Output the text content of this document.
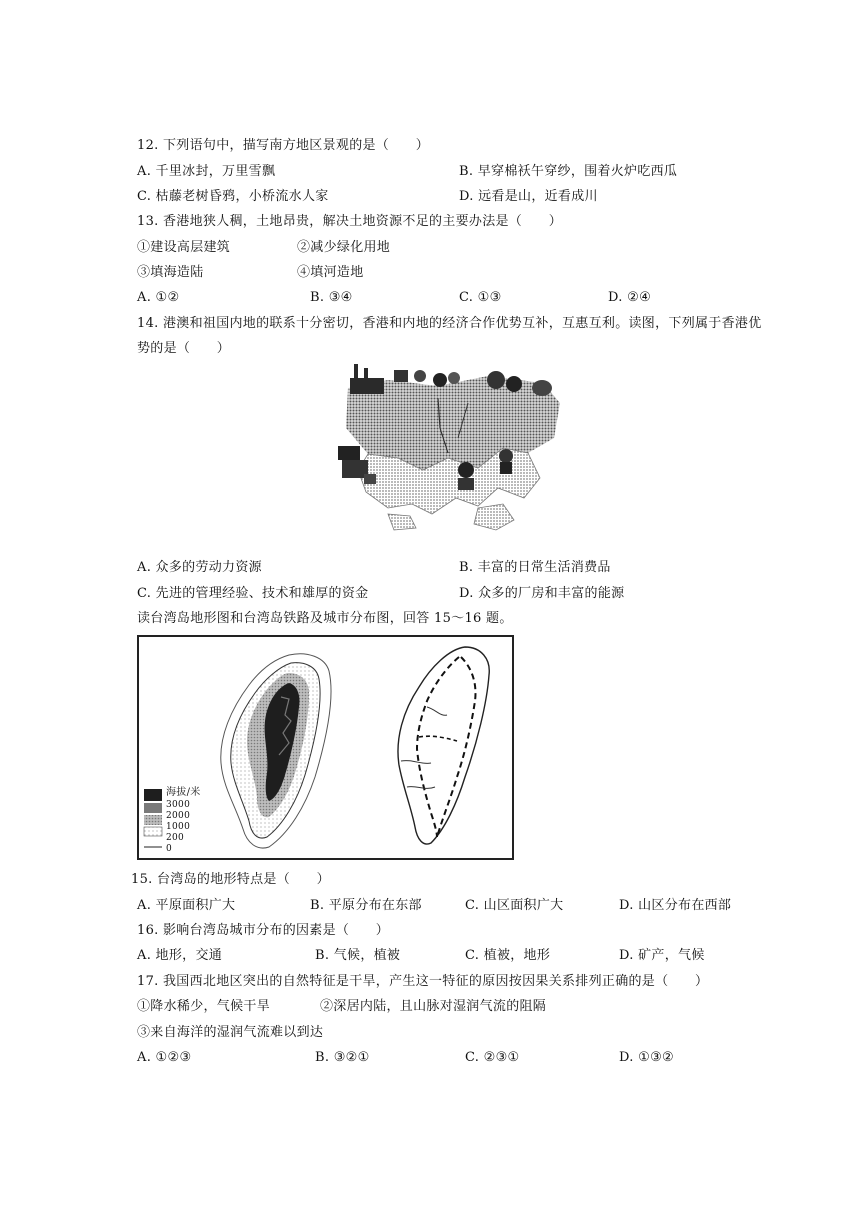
12. 下列语句中，描写南方地区景观的是（　　）
A. 千里冰封，万里雪飘	B. 早穿棉袄午穿纱，围着火炉吃西瓜
C. 枯藤老树昏鸦，小桥流水人家	D. 远看是山，近看成川
13. 香港地狭人稠，土地昂贵，解决土地资源不足的主要办法是（　　）
①建设高层建筑	②减少绿化用地
③填海造陆	④填河造地
A. ①②	B. ③④	C. ①③	D. ②④
14. 港澳和祖国内地的联系十分密切，香港和内地的经济合作优势互补，互惠互利。读图，下列属于香港优
势的是（　　）
A. 众多的劳动力资源	B. 丰富的日常生活消费品
C. 先进的管理经验、技术和雄厚的资金	D. 众多的厂房和丰富的能源
读台湾岛地形图和台湾岛铁路及城市分布图，回答 15～16 题。
海拔/米
3000
2000
1000
200
0
15. 台湾岛的地形特点是（　　）
A. 平原面积广大	B. 平原分布在东部	C. 山区面积广大	D. 山区分布在西部
16. 影响台湾岛城市分布的因素是（　　）
A. 地形，交通	B. 气候，植被	C. 植被，地形	D. 矿产，气候
17. 我国西北地区突出的自然特征是干旱，产生这一特征的原因按因果关系排列正确的是（　　）
①降水稀少，气候干旱	②深居内陆，且山脉对湿润气流的阻隔
③来自海洋的湿润气流难以到达
A. ①②③	B. ③②①	C. ②③①	D. ①③②
